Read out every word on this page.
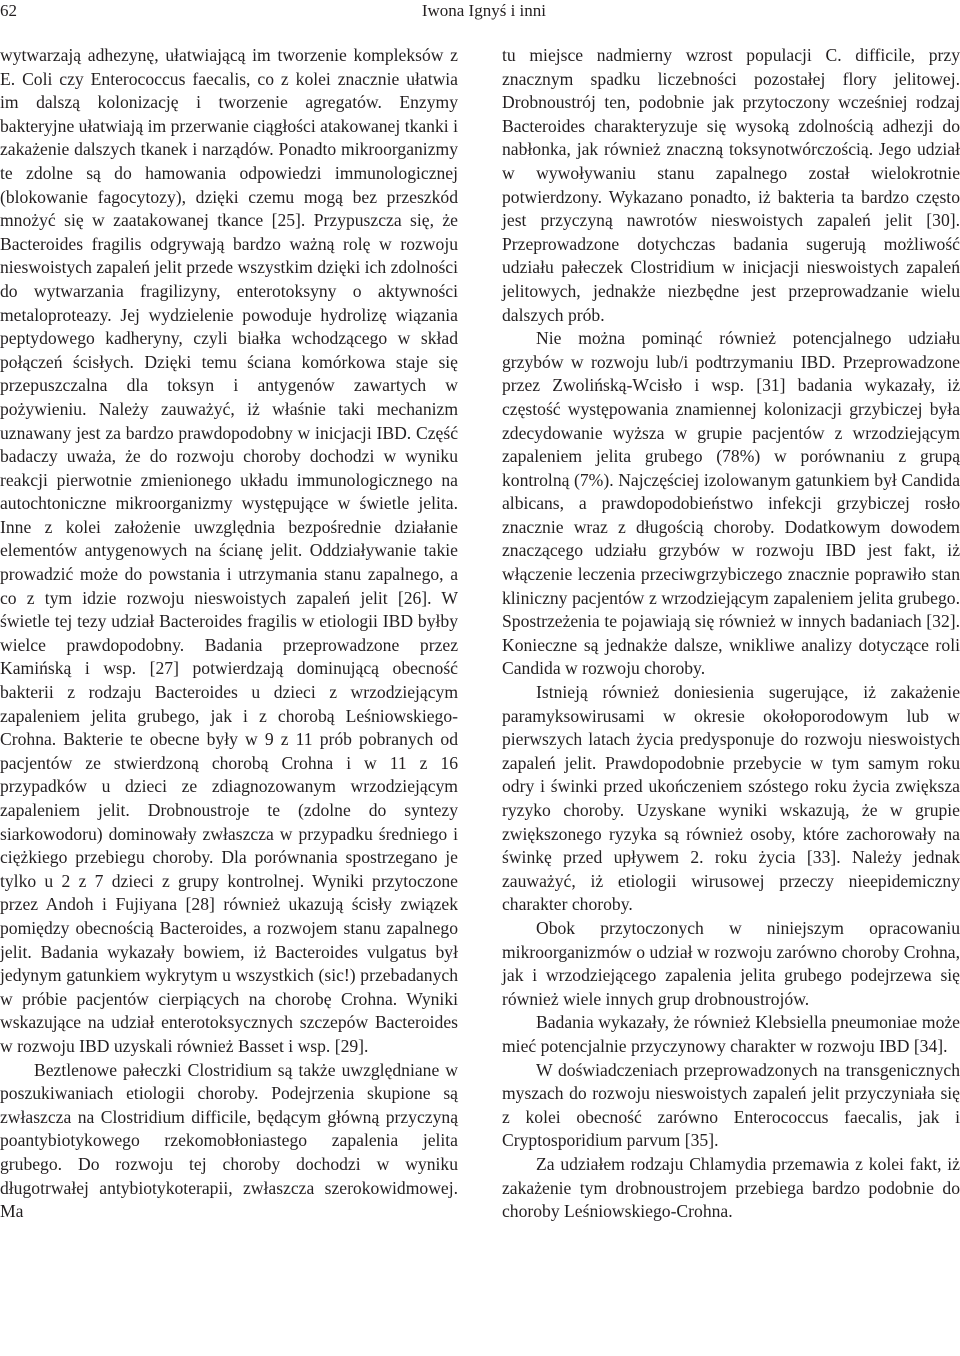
62	Iwona Ignyś i inni

wytwarzają adhezynę, ułatwiającą im tworzenie kompleksów z E. Coli czy Enterococcus faecalis, co z kolei znacznie ułatwia im dalszą kolonizację i tworzenie agregatów. Enzymy bakteryjne ułatwiają im przerwanie ciągłości atakowanej tkanki i zakażenie dalszych tkanek i narządów. Ponadto mikroorganizmy te zdolne są do hamowania odpowiedzi immunologicznej (blokowanie fagocytozy), dzięki czemu mogą bez przeszkód mnożyć się w zaatakowanej tkance [25]. Przypuszcza się, że Bacteroides fragilis odgrywają bardzo ważną rolę w rozwoju nieswoistych zapaleń jelit przede wszystkim dzięki ich zdolności do wytwarzania fragilizyny, enterotoksyny o aktywności metaloproteazy. Jej wydzielenie powoduje hydrolizę wiązania peptydowego kadheryny, czyli białka wchodzącego w skład połączeń ścisłych. Dzięki temu ściana komórkowa staje się przepuszczalna dla toksyn i antygenów zawartych w pożywieniu. Należy zauważyć, iż właśnie taki mechanizm uznawany jest za bardzo prawdopodobny w inicjacji IBD. Część badaczy uważa, że do rozwoju choroby dochodzi w wyniku reakcji pierwotnie zmienionego układu immunologicznego na autochtoniczne mikroorganizmy występujące w świetle jelita. Inne z kolei założenie uwzględnia bezpośrednie działanie elementów antygenowych na ścianę jelit. Oddziaływanie takie prowadzić może do powstania i utrzymania stanu zapalnego, a co z tym idzie rozwoju nieswoistych zapaleń jelit [26]. W świetle tej tezy udział Bacteroides fragilis w etiologii IBD byłby wielce prawdopodobny. Badania przeprowadzone przez Kamińską i wsp. [27] potwierdzają dominującą obecność bakterii z rodzaju Bacteroides u dzieci z wrzodziejącym zapaleniem jelita grubego, jak i z chorobą Leśniowskiego-Crohna. Bakterie te obecne były w 9 z 11 prób pobranych od pacjentów ze stwierdzoną chorobą Crohna i w 11 z 16 przypadków u dzieci ze zdiagnozowanym wrzodziejącym zapaleniem jelit. Drobnoustroje te (zdolne do syntezy siarkowodoru) dominowały zwłaszcza w przypadku średniego i ciężkiego przebiegu choroby. Dla porównania spostrzegano je tylko u 2 z 7 dzieci z grupy kontrolnej. Wyniki przytoczone przez Andoh i Fujiyana [28] również ukazują ścisły związek pomiędzy obecnością Bacteroides, a rozwojem stanu zapalnego jelit. Badania wykazały bowiem, iż Bacteroides vulgatus był jedynym gatunkiem wykrytym u wszystkich (sic!) przebadanych w próbie pacjentów cierpiących na chorobę Crohna. Wyniki wskazujące na udział enterotoksycznych szczepów Bacteroides w rozwoju IBD uzyskali również Basset i wsp. [29].

Beztlenowe pałeczki Clostridium są także uwzględniane w poszukiwaniach etiologii choroby. Podejrzenia skupione są zwłaszcza na Clostridium difficile, będącym główną przyczyną poantybiotykowego rzekomobłoniastego zapalenia jelita grubego. Do rozwoju tej choroby dochodzi w wyniku długotrwałej antybiotykoterapii, zwłaszcza szerokowidmowej. Ma

tu miejsce nadmierny wzrost populacji C. difficile, przy znacznym spadku liczebności pozostałej flory jelitowej. Drobnoustrój ten, podobnie jak przytoczony wcześniej rodzaj Bacteroides charakteryzuje się wysoką zdolnością adhezji do nabłonka, jak również znaczną toksynotwórczością. Jego udział w wywoływaniu stanu zapalnego został wielokrotnie potwierdzony. Wykazano ponadto, iż bakteria ta bardzo często jest przyczyną nawrotów nieswoistych zapaleń jelit [30]. Przeprowadzone dotychczas badania sugerują możliwość udziału pałeczek Clostridium w inicjacji nieswoistych zapaleń jelitowych, jednakże niezbędne jest przeprowadzanie wielu dalszych prób.

Nie można pominąć również potencjalnego udziału grzybów w rozwoju lub/i podtrzymaniu IBD. Przeprowadzone przez Zwolińską-Wcisło i wsp. [31] badania wykazały, iż częstość występowania znamiennej kolonizacji grzybiczej była zdecydowanie wyższa w grupie pacjentów z wrzodziejącym zapaleniem jelita grubego (78%) w porównaniu z grupą kontrolną (7%). Najczęściej izolowanym gatunkiem był Candida albicans, a prawdopodobieństwo infekcji grzybiczej rosło znacznie wraz z długością choroby. Dodatkowym dowodem znaczącego udziału grzybów w rozwoju IBD jest fakt, iż włączenie leczenia przeciwgrzybiczego znacznie poprawiło stan kliniczny pacjentów z wrzodziejącym zapaleniem jelita grubego. Spostrzeżenia te pojawiają się również w innych badaniach [32]. Konieczne są jednakże dalsze, wnikliwe analizy dotyczące roli Candida w rozwoju choroby.

Istnieją również doniesienia sugerujące, iż zakażenie paramyksowirusami w okresie okołoporodowym lub w pierwszych latach życia predysponuje do rozwoju nieswoistych zapaleń jelit. Prawdopodobnie przebycie w tym samym roku odry i świnki przed ukończeniem szóstego roku życia zwiększa ryzyko choroby. Uzyskane wyniki wskazują, że w grupie zwiększonego ryzyka są również osoby, które zachorowały na świnkę przed upływem 2. roku życia [33]. Należy jednak zauważyć, iż etiologii wirusowej przeczy nieepidemiczny charakter choroby.

Obok przytoczonych w niniejszym opracowaniu mikroorganizmów o udział w rozwoju zarówno choroby Crohna, jak i wrzodziejącego zapalenia jelita grubego podejrzewa się również wiele innych grup drobnoustrojów.

Badania wykazały, że również Klebsiella pneumoniae może mieć potencjalnie przyczynowy charakter w rozwoju IBD [34].

W doświadczeniach przeprowadzonych na transgenicznych myszach do rozwoju nieswoistych zapaleń jelit przyczyniała się z kolei obecność zarówno Enterococcus faecalis, jak i Cryptosporidium parvum [35].

Za udziałem rodzaju Chlamydia przemawia z kolei fakt, iż zakażenie tym drobnoustrojem przebiega bardzo podobnie do choroby Leśniowskiego-Crohna.
